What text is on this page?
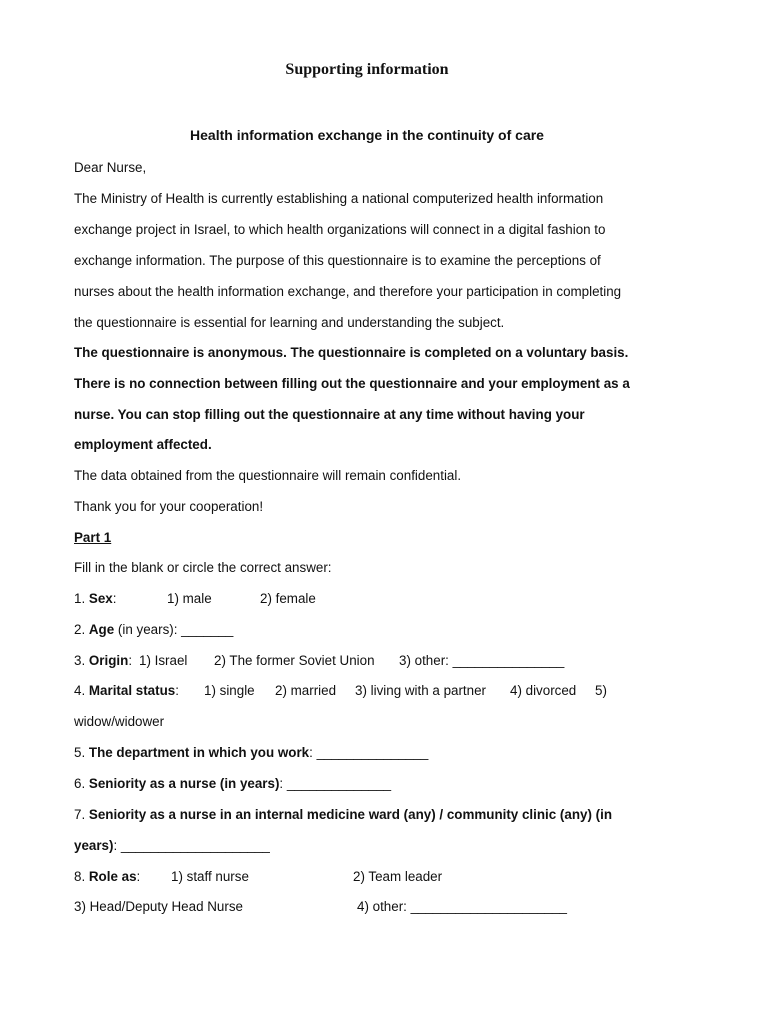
Supporting information
Health information exchange in the continuity of care
Dear Nurse,
The Ministry of Health is currently establishing a national computerized health information
exchange project in Israel, to which health organizations will connect in a digital fashion to
exchange information. The purpose of this questionnaire is to examine the perceptions of
nurses about the health information exchange, and therefore your participation in completing
the questionnaire is essential for learning and understanding the subject.
The questionnaire is anonymous. The questionnaire is completed on a voluntary basis.
There is no connection between filling out the questionnaire and your employment as a
nurse. You can stop filling out the questionnaire at any time without having your
employment affected.
The data obtained from the questionnaire will remain confidential.
Thank you for your cooperation!
Part 1
Fill in the blank or circle the correct answer:
1. Sex:	1) male	2) female
2. Age (in years): _______
3. Origin: 1) Israel 2) The former Soviet Union 3) other: _______________
4. Marital status: 1) single 2) married 3) living with a partner 4) divorced 5)
widow/widower
5. The department in which you work: _______________
6. Seniority as a nurse (in years): ______________
7. Seniority as a nurse in an internal medicine ward (any) / community clinic (any) (in
years): ____________________
8. Role as: 1) staff nurse	2) Team leader
3) Head/Deputy Head Nurse	4) other: _____________________
